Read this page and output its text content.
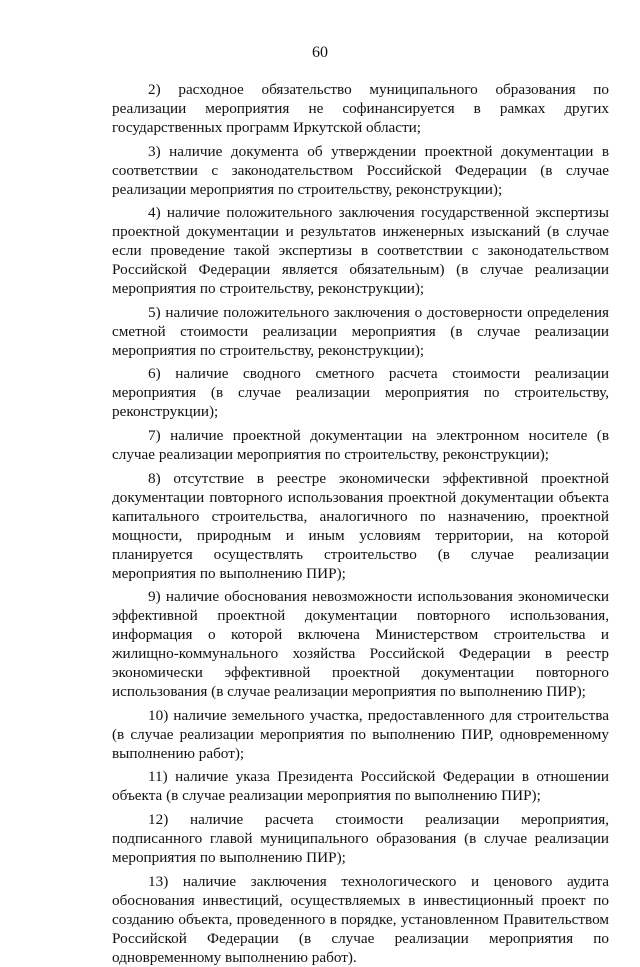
60

2) расходное обязательство муниципального образования по реализации мероприятия не софинансируется в рамках других государственных программ Иркутской области;

3) наличие документа об утверждении проектной документации в соответствии с законодательством Российской Федерации (в случае реализации мероприятия по строительству, реконструкции);

4) наличие положительного заключения государственной экспертизы проектной документации и результатов инженерных изысканий (в случае если проведение такой экспертизы в соответствии с законодательством Российской Федерации является обязательным) (в случае реализации мероприятия по строительству, реконструкции);

5) наличие положительного заключения о достоверности определения сметной стоимости реализации мероприятия (в случае реализации мероприятия по строительству, реконструкции);

6) наличие сводного сметного расчета стоимости реализации мероприятия (в случае реализации мероприятия по строительству, реконструкции);

7) наличие проектной документации на электронном носителе (в случае реализации мероприятия по строительству, реконструкции);

8) отсутствие в реестре экономически эффективной проектной документации повторного использования проектной документации объекта капитального строительства, аналогичного по назначению, проектной мощности, природным и иным условиям территории, на которой планируется осуществлять строительство (в случае реализации мероприятия по выполнению ПИР);

9) наличие обоснования невозможности использования экономически эффективной проектной документации повторного использования, информация о которой включена Министерством строительства и жилищно-коммунального хозяйства Российской Федерации в реестр экономически эффективной проектной документации повторного использования (в случае реализации мероприятия по выполнению ПИР);

10) наличие земельного участка, предоставленного для строительства (в случае реализации мероприятия по выполнению ПИР, одновременному выполнению работ);

11) наличие указа Президента Российской Федерации в отношении объекта (в случае реализации мероприятия по выполнению ПИР);

12) наличие расчета стоимости реализации мероприятия, подписанного главой муниципального образования (в случае реализации мероприятия по выполнению ПИР);

13) наличие заключения технологического и ценового аудита обоснования инвестиций, осуществляемых в инвестиционный проект по созданию объекта, проведенного в порядке, установленном Правительством Российской Федерации (в случае реализации мероприятия по одновременному выполнению работ).
